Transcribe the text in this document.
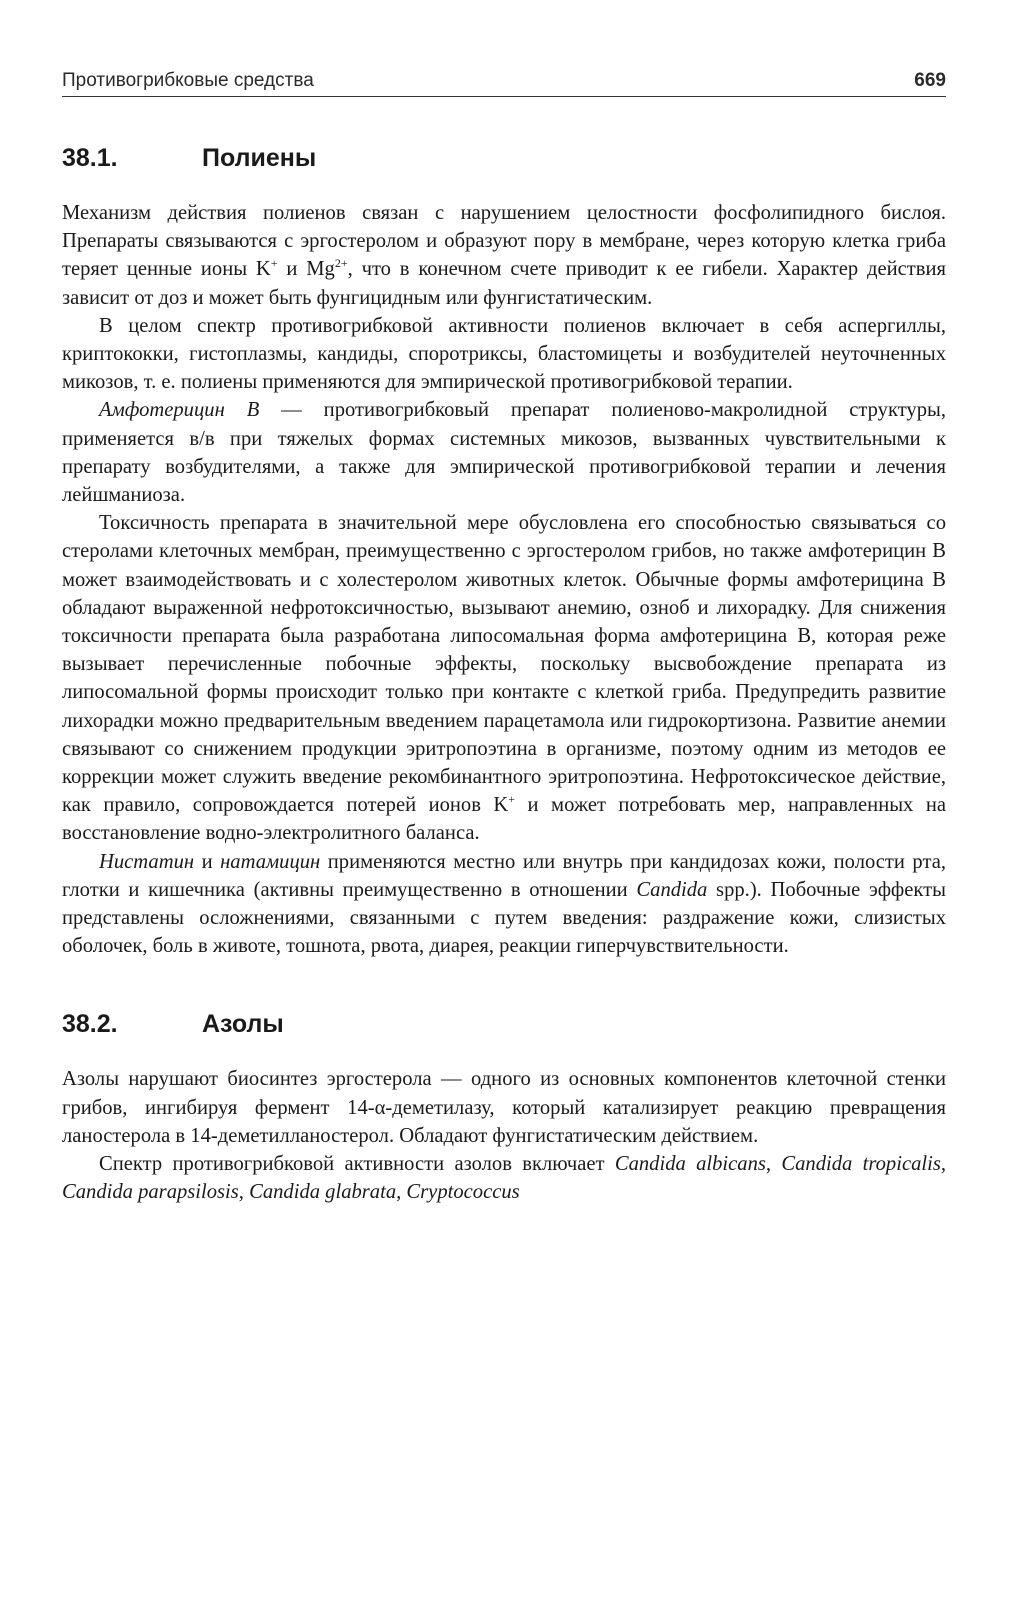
Противогрибковые средства	669
38.1.	Полиены

Механизм действия полиенов связан с нарушением целостности фосфолипидного бислоя. Препараты связываются с эргостеролом и образуют пору в мембране, через которую клетка гриба теряет ценные ионы K+ и $Mg^{2+}$, что в конечном счете приводит к ее гибели. Характер действия зависит от доз и может быть фунгицидным или фунгистатическим.

В целом спектр противогрибковой активности полиенов включает в себя аспергиллы, криптококки, гистоплазмы, кандиды, споротриксы, бластомицеты и возбудителей неуточненных микозов, т. е. полиены применяются для эмпирической противогрибковой терапии.

Амфотерицин В — противогрибковый препарат полиеново-макролидной структуры, применяется в/в при тяжелых формах системных микозов, вызванных чувствительными к препарату возбудителями, а также для эмпирической противогрибковой терапии и лечения лейшманиоза.

Токсичность препарата в значительной мере обусловлена его способностью связываться со стеролами клеточных мембран, преимущественно с эргостеролом грибов, но также амфотерицин В может взаимодействовать и с холестеролом животных клеток. Обычные формы амфотерицина В обладают выраженной нефротоксичностью, вызывают анемию, озноб и лихорадку. Для снижения токсичности препарата была разработана липосомальная форма амфотерицина В, которая реже вызывает перечисленные побочные эффекты, поскольку высвобождение препарата из липосомальной формы происходит только при контакте с клеткой гриба. Предупредить развитие лихорадки можно предварительным введением парацетамола или гидрокортизона. Развитие анемии связывают со снижением продукции эритропоэтина в организме, поэтому одним из методов ее коррекции может служить введение рекомбинантного эритропоэтина. Нефротоксическое действие, как правило, сопровождается потерей ионов K+ и может потребовать мер, направленных на восстановление водно-электролитного баланса.

Нистатин и натамицин применяются местно или внутрь при кандидозах кожи, полости рта, глотки и кишечника (активны преимущественно в отношении Candida spp.). Побочные эффекты представлены осложнениями, связанными с путем введения: раздражение кожи, слизистых оболочек, боль в животе, тошнота, рвота, диарея, реакции гиперчувствительности.

38.2.	Азолы

Азолы нарушают биосинтез эргостерола — одного из основных компонентов клеточной стенки грибов, ингибируя фермент 14-α-деметилазу, который катализирует реакцию превращения ланостерола в 14-деметилланостерол. Обладают фунгистатическим действием.

Спектр противогрибковой активности азолов включает Candida albicans, Candida tropicalis, Candida parapsilosis, Candida glabrata, Cryptococcus
